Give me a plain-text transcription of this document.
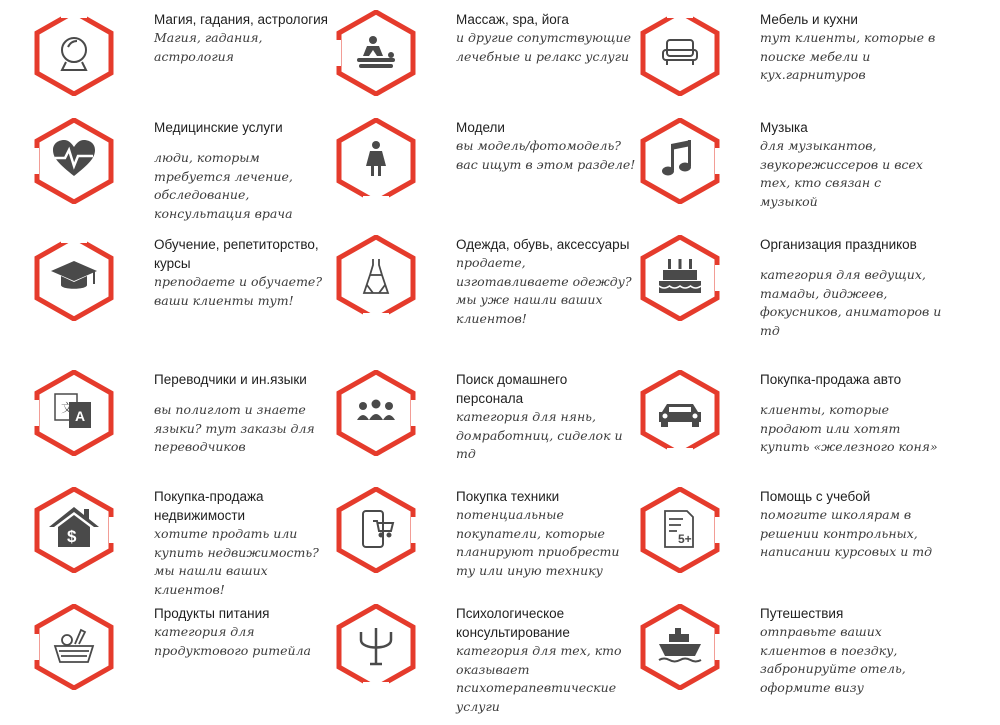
Магия, гадания, астрология

Магия, гадания, астрология

Массаж, spa, йога

и другие сопутствующие лечебные и релакс услуги

Мебель и кухни

тут клиенты, которые в поиске мебели и кух.гарнитуров

Медицинские услуги

люди, которым требуется лечение, обследование, консультация врача

Модели

вы модель/фотомодель? вас ищут в этом разделе!

Музыка

для музыкантов, звукорежиссеров и всех тех, кто связан с музыкой

Обучение, репетиторство, курсы

преподаете и обучаете? ваши клиенты тут!

Одежда, обувь, аксессуары

продаете, изготавливаете одежду? мы уже нашли ваших клиентов!

Организация праздников

категория для ведущих, тамады, диджеев, фокусников, аниматоров и тд

文 A

Переводчики и ин.языки

вы полиглот и знаете языки? тут заказы для переводчиков

Поиск домашнего персонала

категория для нянь, домработниц, сиделок и тд

Покупка-продажа авто

клиенты, которые продают или хотят купить «железного коня»

$

Покупка-продажа недвижимости

хотите продать или купить недвижимость? мы нашли ваших клиентов!

Покупка техники

потенциальные покупатели, которые планируют приобрести ту или иную технику

5+

Помощь с учебой

помогите школярам в решении контрольных, написании курсовых и тд

Продукты питания

категория для продуктового ритейла

Психологическое консультирование

категория для тех, кто оказывает психотерапевтические услуги

Путешествия

отправьте ваших клиентов в поездку, забронируйте отель, оформите визу
